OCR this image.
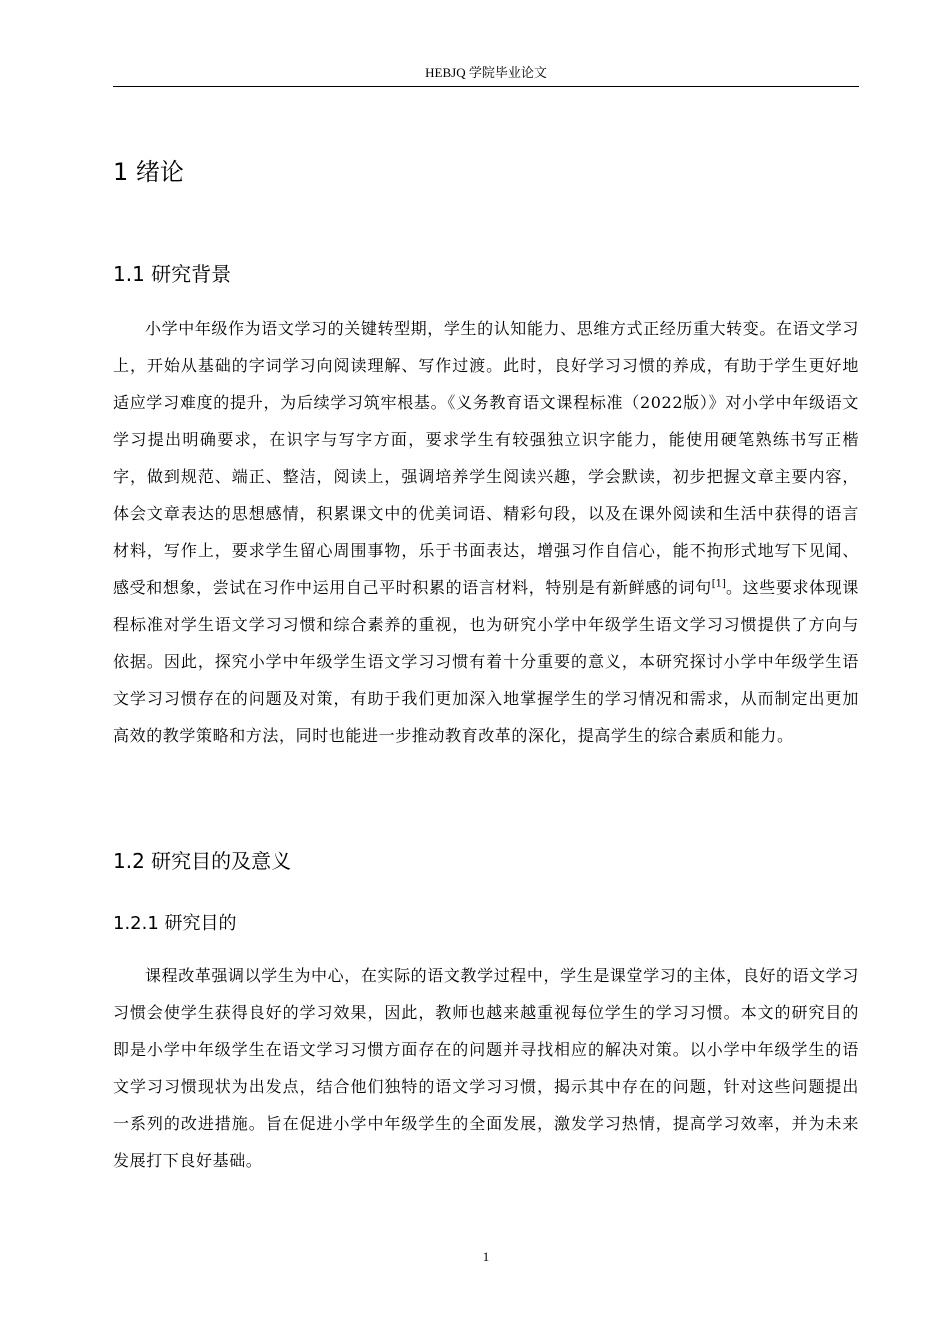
HEBJQ 学院毕业论文
1 绪论
1.1 研究背景

小学中年级作为语文学习的关键转型期，学生的认知能力、思维方式正经历重大转变。在语文学习上，开始从基础的字词学习向阅读理解、写作过渡。此时，良好学习习惯的养成，有助于学生更好地适应学习难度的提升，为后续学习筑牢根基。《义务教育语文课程标准（2022版）》对小学中年级语文学习提出明确要求，在识字与写字方面，要求学生有较强独立识字能力，能使用硬笔熟练书写正楷字，做到规范、端正、整洁，阅读上，强调培养学生阅读兴趣，学会默读，初步把握文章主要内容，体会文章表达的思想感情，积累课文中的优美词语、精彩句段，以及在课外阅读和生活中获得的语言材料，写作上，要求学生留心周围事物，乐于书面表达，增强习作自信心，能不拘形式地写下见闻、感受和想象，尝试在习作中运用自己平时积累的语言材料，特别是有新鲜感的词句[1]。这些要求体现课程标准对学生语文学习习惯和综合素养的重视，也为研究小学中年级学生语文学习习惯提供了方向与依据。因此，探究小学中年级学生语文学习习惯有着十分重要的意义，本研究探讨小学中年级学生语文学习习惯存在的问题及对策，有助于我们更加深入地掌握学生的学习情况和需求，从而制定出更加高效的教学策略和方法，同时也能进一步推动教育改革的深化，提高学生的综合素质和能力。

1.2 研究目的及意义
1.2.1 研究目的

课程改革强调以学生为中心，在实际的语文教学过程中，学生是课堂学习的主体，良好的语文学习习惯会使学生获得良好的学习效果，因此，教师也越来越重视每位学生的学习习惯。本文的研究目的即是小学中年级学生在语文学习习惯方面存在的问题并寻找相应的解决对策。以小学中年级学生的语文学习习惯现状为出发点，结合他们独特的语文学习习惯，揭示其中存在的问题，针对这些问题提出一系列的改进措施。旨在促进小学中年级学生的全面发展，激发学习热情，提高学习效率，并为未来发展打下良好基础。

1
